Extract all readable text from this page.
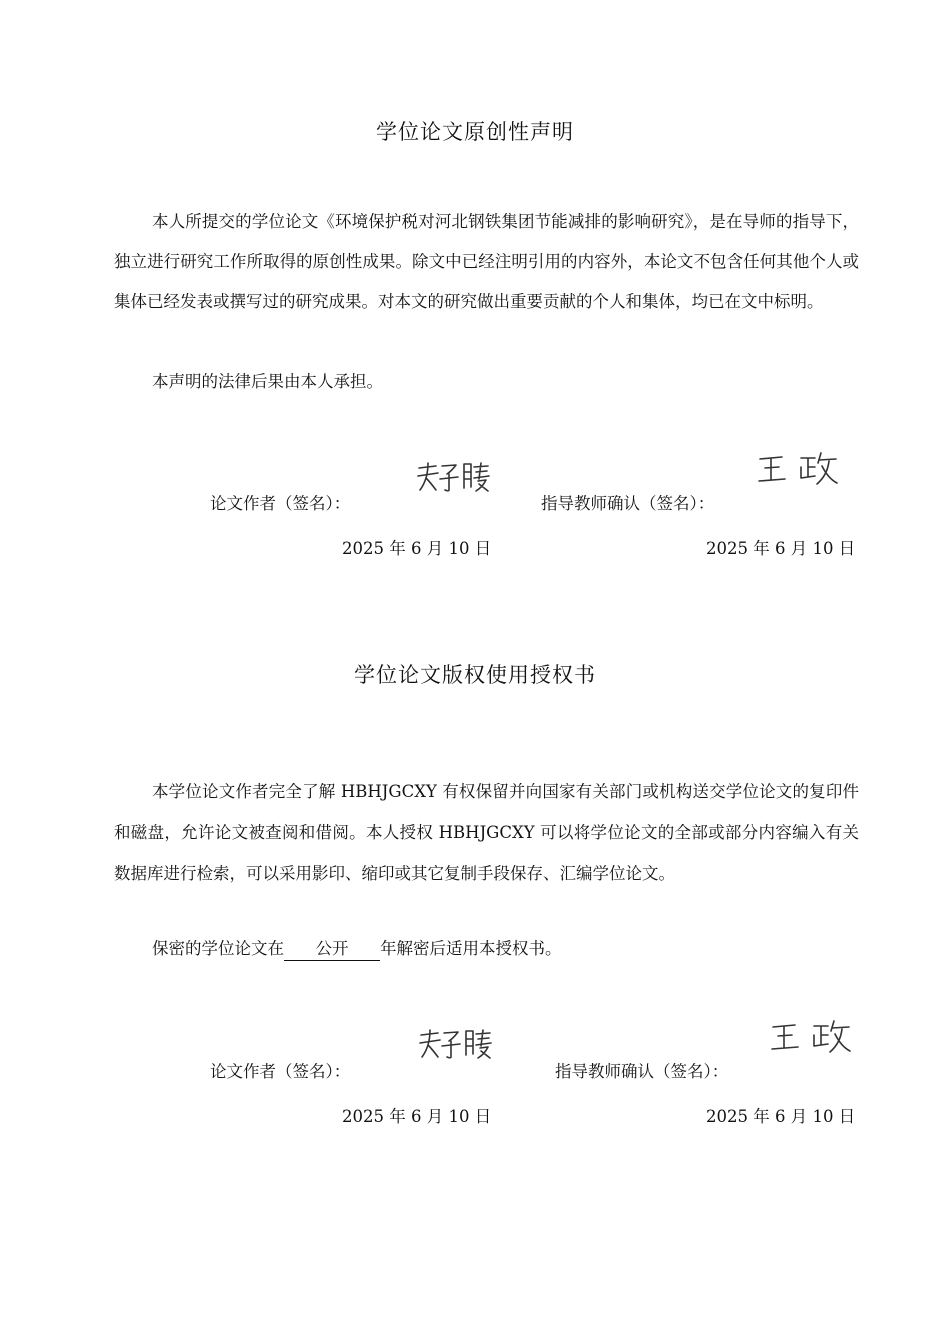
学位论文原创性声明

本人所提交的学位论文《环境保护税对河北钢铁集团节能减排的影响研究》，是在导师的指导下，独立进行研究工作所取得的原创性成果。除文中已经注明引用的内容外，本论文不包含任何其他个人或集体已经发表或撰写过的研究成果。对本文的研究做出重要贡献的个人和集体，均已在文中标明。

本声明的法律后果由本人承担。

论文作者（签名）：	指导教师确认（签名）：
2025 年 6 月 10 日	2025 年 6 月 10 日
学位论文版权使用授权书

本学位论文作者完全了解 HBHJGCXY 有权保留并向国家有关部门或机构送交学位论文的复印件和磁盘，允许论文被查阅和借阅。本人授权 HBHJGCXY 可以将学位论文的全部或部分内容编入有关数据库进行检索，可以采用影印、缩印或其它复制手段保存、汇编学位论文。

保密的学位论文在 公开 年解密后适用本授权书。

论文作者（签名）：	指导教师确认（签名）：
2025 年 6 月 10 日	2025 年 6 月 10 日
